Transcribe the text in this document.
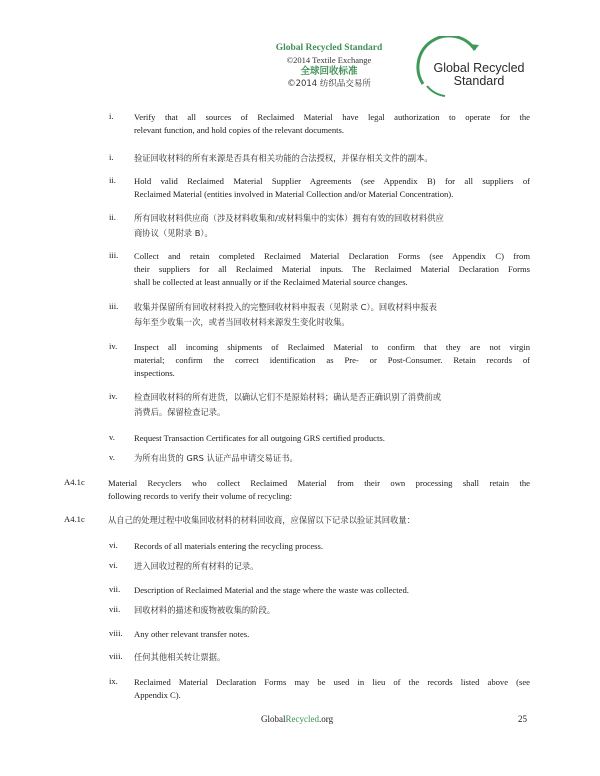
Global Recycled Standard
©2014 Textile Exchange
全球回收标准
©2014 纺织品交易所
Global Recycled
Standard
i. Verify that all sources of Reclaimed Material have legal authorization to operate for the
relevant function, and hold copies of the relevant documents.
i. 验证回收材料的所有来源是否具有相关功能的合法授权，并保存相关文件的副本。
ii. Hold valid Reclaimed Material Supplier Agreements (see Appendix B) for all suppliers of
Reclaimed Material (entities involved in Material Collection and/or Material Concentration).
ii. 所有回收材料供应商（涉及材料收集和/或材料集中的实体）拥有有效的回收材料供应
商协议（见附录 B）。
iii. Collect and retain completed Reclaimed Material Declaration Forms (see Appendix C) from
their suppliers for all Reclaimed Material inputs. The Reclaimed Material Declaration Forms
shall be collected at least annually or if the Reclaimed Material source changes.
iii. 收集并保留所有回收材料投入的完整回收材料申报表（见附录 C）。回收材料申报表
每年至少收集一次，或者当回收材料来源发生变化时收集。
iv. Inspect all incoming shipments of Reclaimed Material to confirm that they are not virgin
material; confirm the correct identification as Pre- or Post-Consumer. Retain records of
inspections.
iv. 检查回收材料的所有进货，以确认它们不是原始材料；确认是否正确识别了消费前或
消费后。保留检查记录。
v. Request Transaction Certificates for all outgoing GRS certified products.
v. 为所有出货的 GRS 认证产品申请交易证书。
A4.1c	Material Recyclers who collect Reclaimed Material from their own processing shall retain the
following records to verify their volume of recycling:
A4.1c	从自己的处理过程中收集回收材料的材料回收商，应保留以下记录以验证其回收量：
vi. Records of all materials entering the recycling process.
vi. 进入回收过程的所有材料的记录。
vii. Description of Reclaimed Material and the stage where the waste was collected.
vii. 回收材料的描述和废物被收集的阶段。
viii. Any other relevant transfer notes.
viii. 任何其他相关转让票据。
ix. Reclaimed Material Declaration Forms may be used in lieu of the records listed above (see
Appendix C).
GlobalRecycled.org	25
